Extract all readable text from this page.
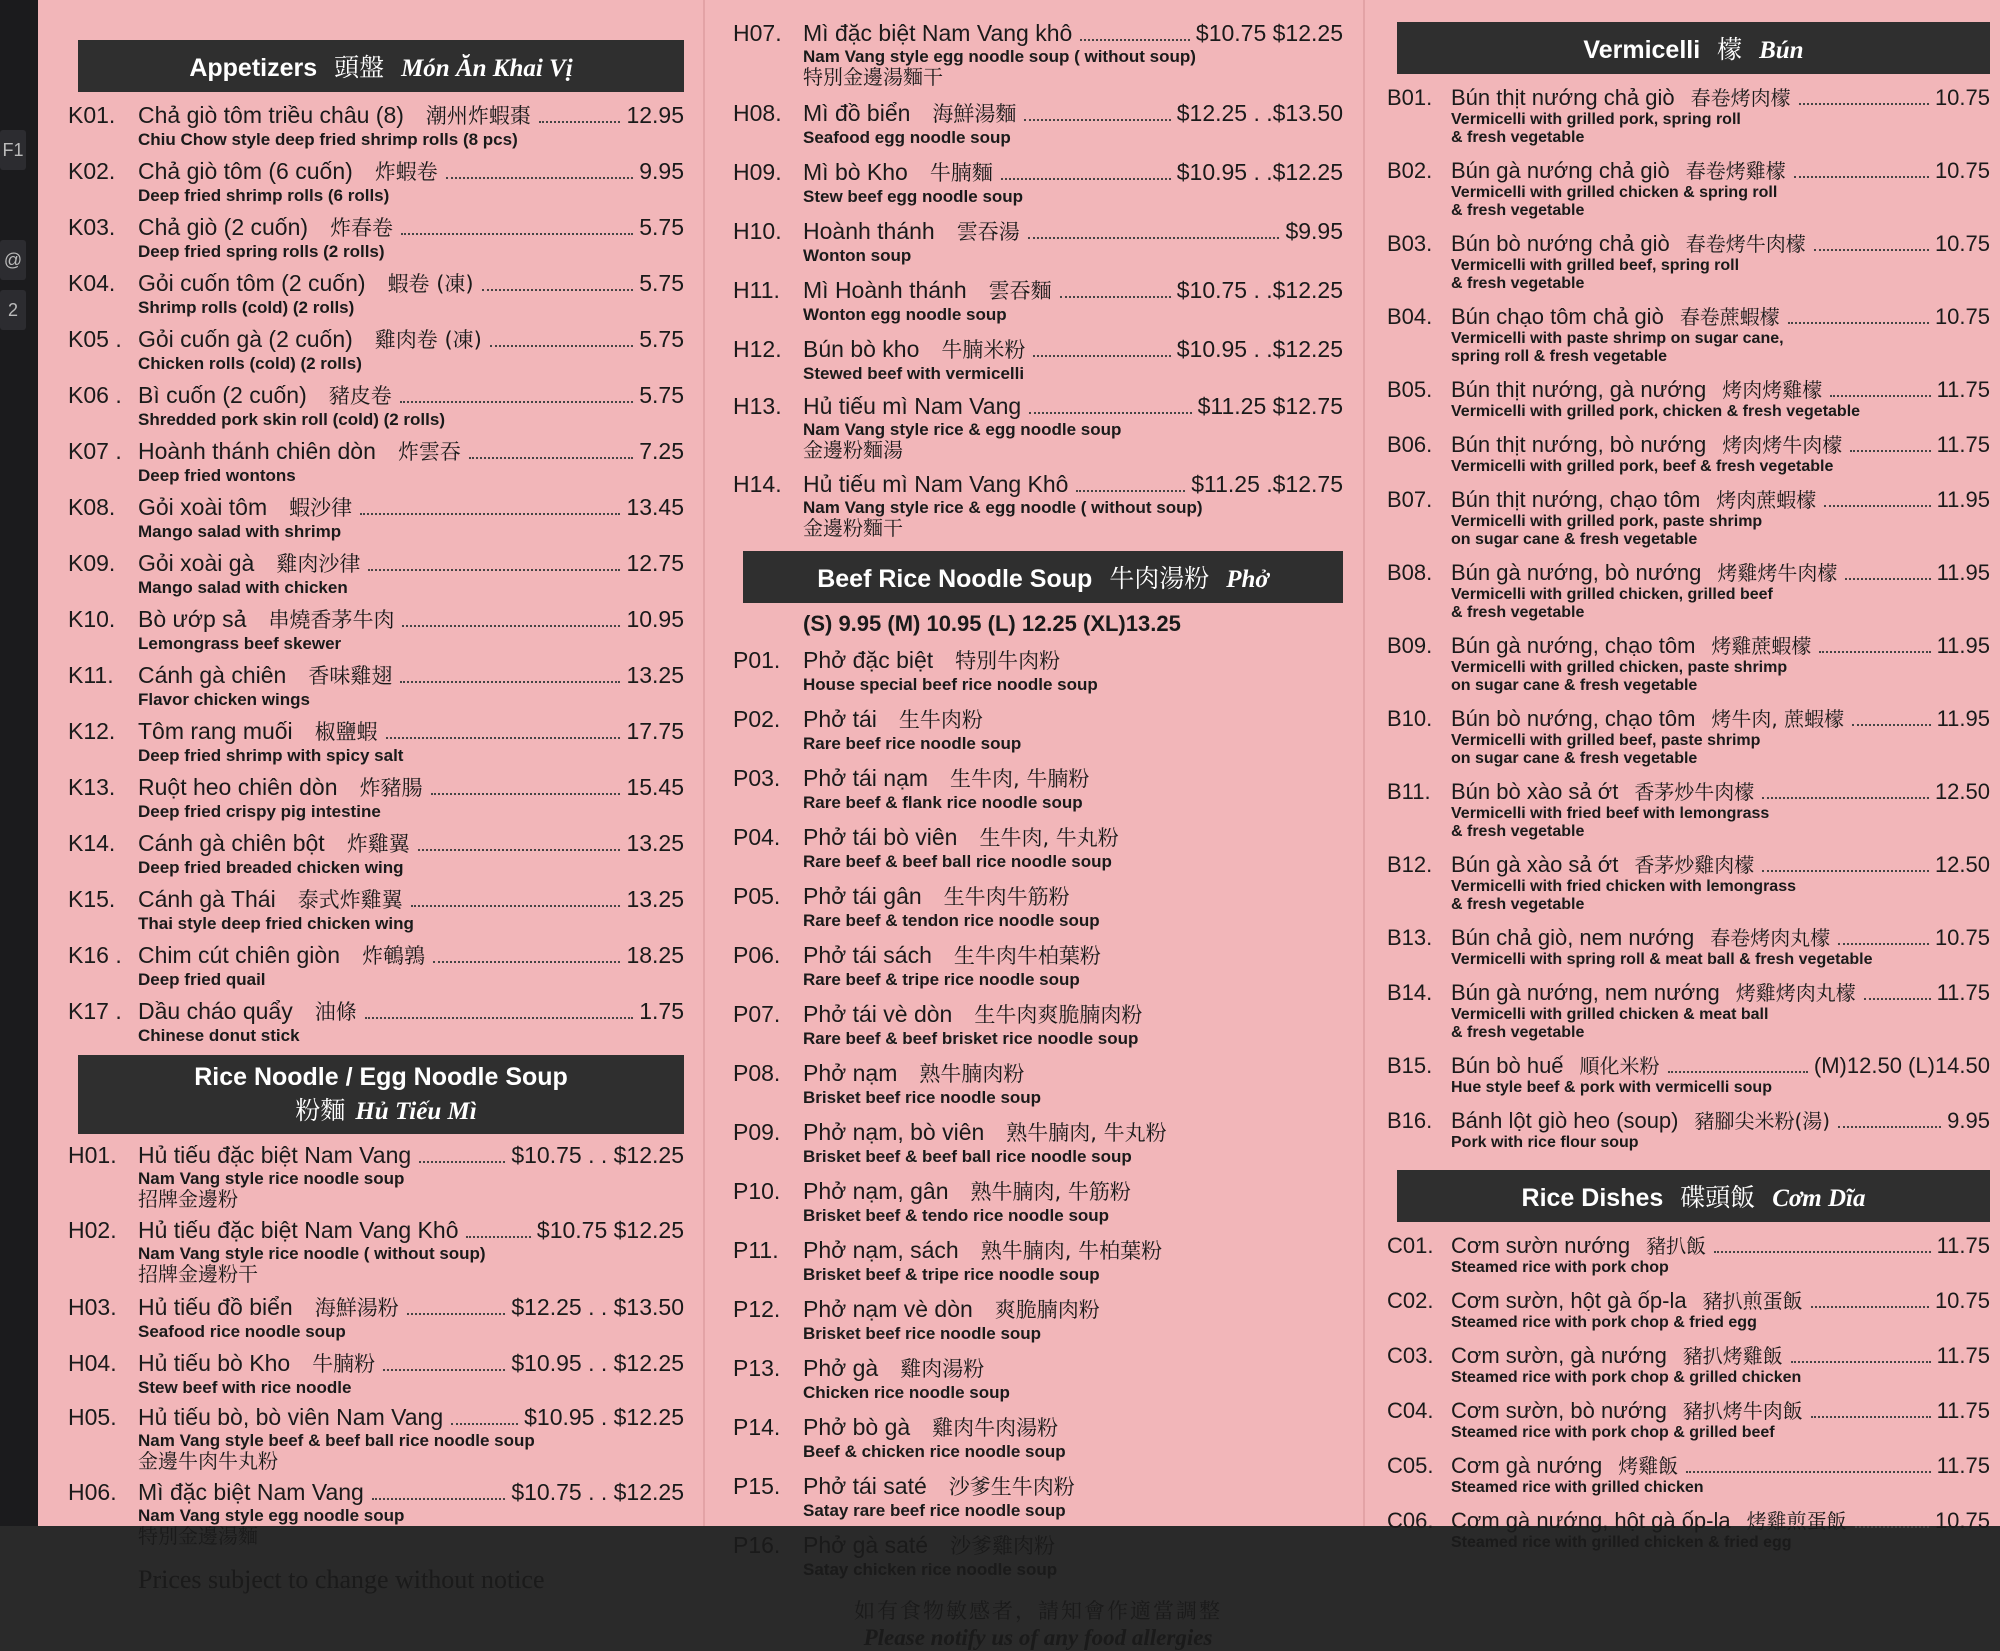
F1
@
2
Appetizers 頭盤 Món Ăn Khai Vị
K01. Chả giò tôm triều châu (8) 潮州炸蝦棗	12.95
Chiu Chow style deep fried shrimp rolls (8 pcs)
K02. Chả giò tôm (6 cuốn) 炸蝦卷	9.95
Deep fried shrimp rolls (6 rolls)
K03. Chả giò (2 cuốn) 炸春卷	5.75
Deep fried spring rolls (2 rolls)
K04. Gỏi cuốn tôm (2 cuốn) 蝦卷 (凍)	5.75
Shrimp rolls (cold) (2 rolls)
K05 . Gỏi cuốn gà (2 cuốn) 雞肉卷 (凍)	5.75
Chicken rolls (cold) (2 rolls)
K06 . Bì cuốn (2 cuốn) 豬皮卷	5.75
Shredded pork skin roll (cold) (2 rolls)
K07 . Hoành thánh chiên dòn 炸雲吞	7.25
Deep fried wontons
K08. Gỏi xoài tôm 蝦沙律	13.45
Mango salad with shrimp
K09. Gỏi xoài gà 雞肉沙律	12.75
Mango salad with chicken
K10. Bò ướp sả 串燒香茅牛肉	10.95
Lemongrass beef skewer
K11.	Cánh gà chiên 香味雞翅	13.25
Flavor chicken wings
K12. Tôm rang muối 椒鹽蝦	17.75
Deep fried shrimp with spicy salt
K13. Ruột heo chiên dòn 炸豬腸	15.45
Deep fried crispy pig intestine
K14. Cánh gà chiên bột 炸雞翼	13.25
Deep fried breaded chicken wing
K15. Cánh gà Thái 泰式炸雞翼	13.25
Thai style deep fried chicken wing
K16 . Chim cút chiên giòn 炸鵪鶉	18.25
Deep fried quail
K17 . Dầu cháo quẩy 油條	1.75
Chinese donut stick
Rice Noodle / Egg Noodle Soup
粉麵 Hủ Tiếu Mì
H01. Hủ tiếu đặc biệt Nam Vang	$10.75 . . $12.25
Nam Vang style rice noodle soup
招牌金邊粉
H02. Hủ tiếu đặc biệt Nam Vang Khô	$10.75 $12.25
Nam Vang style rice noodle ( without soup)
招牌金邊粉干
H03. Hủ tiếu đồ biển 海鮮湯粉	$12.25 . . $13.50
Seafood rice noodle soup
H04. Hủ tiếu bò Kho 牛腩粉	$10.95 . . $12.25
Stew beef with rice noodle
H05. Hủ tiếu bò, bò viên Nam Vang	$10.95 . $12.25
Nam Vang style beef & beef ball rice noodle soup
金邊牛肉牛丸粉
H06. Mì đặc biệt Nam Vang	$10.75 . . $12.25
Nam Vang style egg noodle soup
特別金邊湯麵
Prices subject to change without notice
H07. Mì đặc biệt Nam Vang khô	$10.75 $12.25
Nam Vang style egg noodle soup ( without soup)
特別金邊湯麵干
H08. Mì đồ biển 海鮮湯麵	$12.25 . .$13.50
Seafood egg noodle soup
H09. Mì bò Kho 牛腩麵	$10.95 . .$12.25
Stew beef egg noodle soup
H10. Hoành thánh 雲吞湯	$9.95
Wonton soup
H11.	Mì Hoành thánh 雲吞麵	$10.75 . .$12.25
Wonton egg noodle soup
H12. Bún bò kho 牛腩米粉	$10.95 . .$12.25
Stewed beef with vermicelli
H13. Hủ tiếu mì Nam Vang	$11.25 $12.75
Nam Vang style rice & egg noodle soup
金邊粉麵湯
H14. Hủ tiếu mì Nam Vang Khô	$11.25 .$12.75
Nam Vang style rice & egg noodle ( without soup)
金邊粉麵干
Beef Rice Noodle Soup 牛肉湯粉 Phở
(S) 9.95 (M) 10.95 (L) 12.25 (XL)13.25
P01. Phở đặc biệt 特別牛肉粉
House special beef rice noodle soup
P02. Phở tái 生牛肉粉
Rare beef rice noodle soup
P03. Phở tái nạm 生牛肉, 牛腩粉
Rare beef & flank rice noodle soup
P04. Phở tái bò viên 生牛肉, 牛丸粉
Rare beef & beef ball rice noodle soup
P05. Phở tái gân 生牛肉牛筋粉
Rare beef & tendon rice noodle soup
P06. Phở tái sách 生牛肉牛柏葉粉
Rare beef & tripe rice noodle soup
P07. Phở tái vè dòn 生牛肉爽脆腩肉粉
Rare beef & beef brisket rice noodle soup
P08. Phở nạm 熟牛腩肉粉
Brisket beef rice noodle soup
P09. Phở nạm, bò viên 熟牛腩肉, 牛丸粉
Brisket beef & beef ball rice noodle soup
P10. Phở nạm, gân 熟牛腩肉, 牛筋粉
Brisket beef & tendo rice noodle soup
P11.	Phở nạm, sách 熟牛腩肉, 牛柏葉粉
Brisket beef & tripe rice noodle soup
P12. Phở nạm vè dòn 爽脆腩肉粉
Brisket beef rice noodle soup
P13. Phở gà 雞肉湯粉
Chicken rice noodle soup
P14. Phở bò gà 雞肉牛肉湯粉
Beef & chicken rice noodle soup
P15. Phở tái saté 沙爹生牛肉粉
Satay rare beef rice noodle soup
P16. Phở gà saté 沙爹雞肉粉
Satay chicken rice noodle soup
如有食物敏感者，請知會作適當調整
Please notify us of any food allergies
Vermicelli 檬 Bún
B01. Bún thịt nướng chả giò 春卷烤肉檬	10.75
Vermicelli with grilled pork, spring roll
& fresh vegetable
B02. Bún gà nướng chả giò 春卷烤雞檬	10.75
Vermicelli with grilled chicken & spring roll
& fresh vegetable
B03. Bún bò nướng chả giò 春卷烤牛肉檬	10.75
Vermicelli with grilled beef, spring roll
& fresh vegetable
B04. Bún chạo tôm chả giò 春卷蔗蝦檬	10.75
Vermicelli with paste shrimp on sugar cane,
spring roll & fresh vegetable
B05. Bún thịt nướng, gà nướng 烤肉烤雞檬	11.75
Vermicelli with grilled pork, chicken & fresh vegetable
B06. Bún thịt nướng, bò nướng 烤肉烤牛肉檬	11.75
Vermicelli with grilled pork, beef & fresh vegetable
B07. Bún thịt nướng, chạo tôm 烤肉蔗蝦檬	11.95
Vermicelli with grilled pork, paste shrimp
on sugar cane & fresh vegetable
B08. Bún gà nướng, bò nướng 烤雞烤牛肉檬	11.95
Vermicelli with grilled chicken, grilled beef
& fresh vegetable
B09. Bún gà nướng, chạo tôm 烤雞蔗蝦檬	11.95
Vermicelli with grilled chicken, paste shrimp
on sugar cane & fresh vegetable
B10. Bún bò nướng, chạo tôm 烤牛肉, 蔗蝦檬	11.95
Vermicelli with grilled beef, paste shrimp
on sugar cane & fresh vegetable
B11. Bún bò xào sả ớt 香茅炒牛肉檬	12.50
Vermicelli with fried beef with lemongrass
& fresh vegetable
B12. Bún gà xào sả ớt 香茅炒雞肉檬	12.50
Vermicelli with fried chicken with lemongrass
& fresh vegetable
B13. Bún chả giò, nem nướng 春卷烤肉丸檬	10.75
Vermicelli with spring roll & meat ball & fresh vegetable
B14. Bún gà nướng, nem nướng 烤雞烤肉丸檬	11.75
Vermicelli with grilled chicken & meat ball
& fresh vegetable
B15. Bún bò huế 順化米粉	(M)12.50 (L)14.50
Hue style beef & pork with vermicelli soup
B16. Bánh lột giò heo (soup) 豬腳尖米粉(湯)	9.95
Pork with rice flour soup
Rice Dishes 碟頭飯 Cơm Dĩa
C01. Cơm sườn nướng 豬扒飯	11.75
Steamed rice with pork chop
C02. Cơm sườn, hột gà ốp-la 豬扒煎蛋飯	10.75
Steamed rice with pork chop & fried egg
C03. Cơm sườn, gà nướng 豬扒烤雞飯	11.75
Steamed rice with pork chop & grilled chicken
C04. Cơm sườn, bò nướng 豬扒烤牛肉飯	11.75
Steamed rice with pork chop & grilled beef
C05. Cơm gà nướng 烤雞飯	11.75
Steamed rice with grilled chicken
C06. Cơm gà nướng, hột gà ốp-la 烤雞煎蛋飯	10.75
Steamed rice with grilled chicken & fried egg
